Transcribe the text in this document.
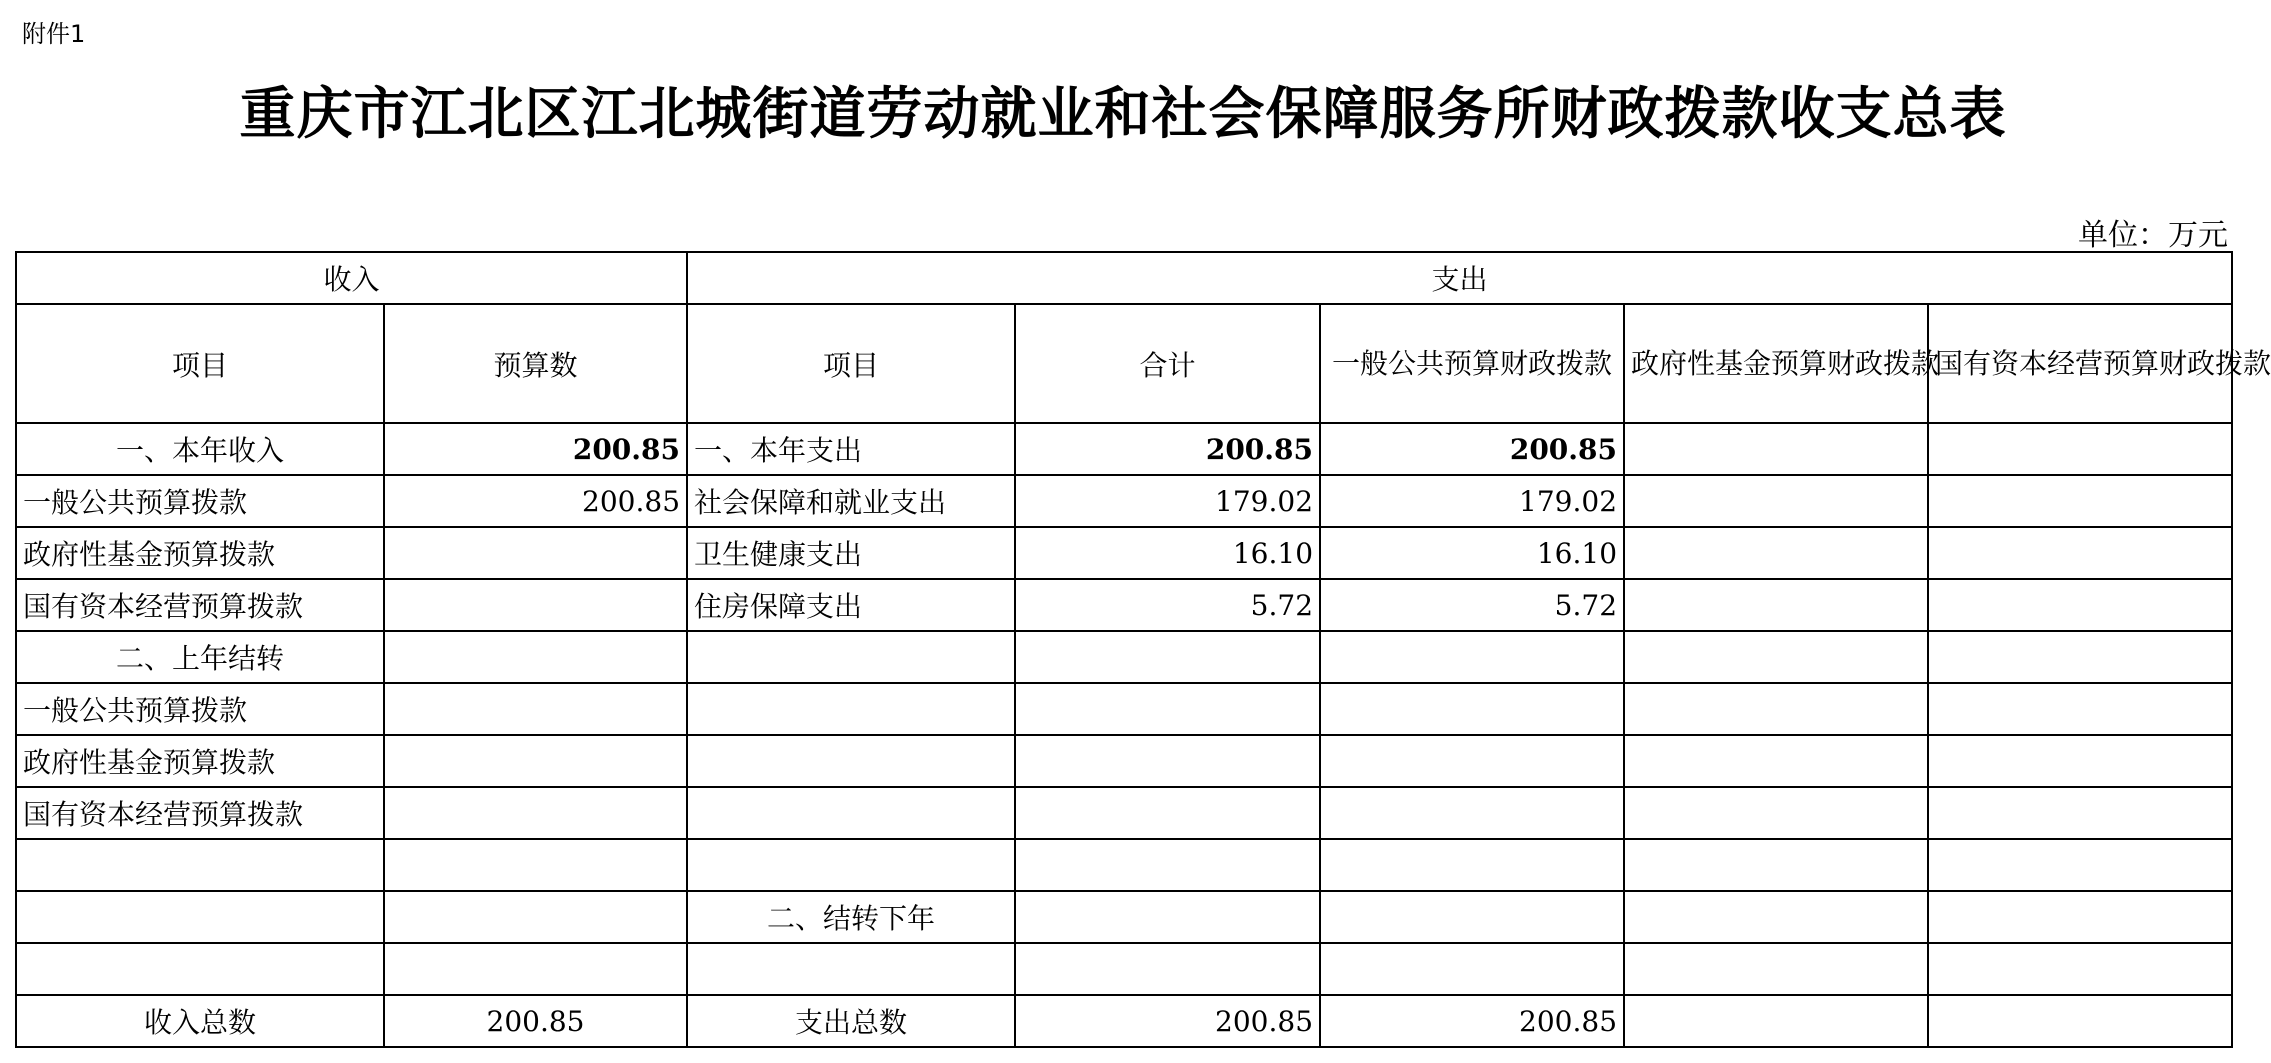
附件1
重庆市江北区江北城街道劳动就业和社会保障服务所财政拨款收支总表
单位：万元
收入		支出				
项目	预算数	项目	合计	一般公共预算财政拨款	政府性基金预算财政拨款	国有资本经营预算财政拨款
一、本年收入	200.85	一、本年支出	200.85	200.85		
一般公共预算拨款	200.85	社会保障和就业支出	179.02	179.02		
政府性基金预算拨款		卫生健康支出	16.10	16.10		
国有资本经营预算拨款		住房保障支出	5.72	5.72		
二、上年结转						
一般公共预算拨款						
政府性基金预算拨款						
国有资本经营预算拨款						

		二、结转下年				

收入总数	200.85	支出总数	200.85	200.85		
